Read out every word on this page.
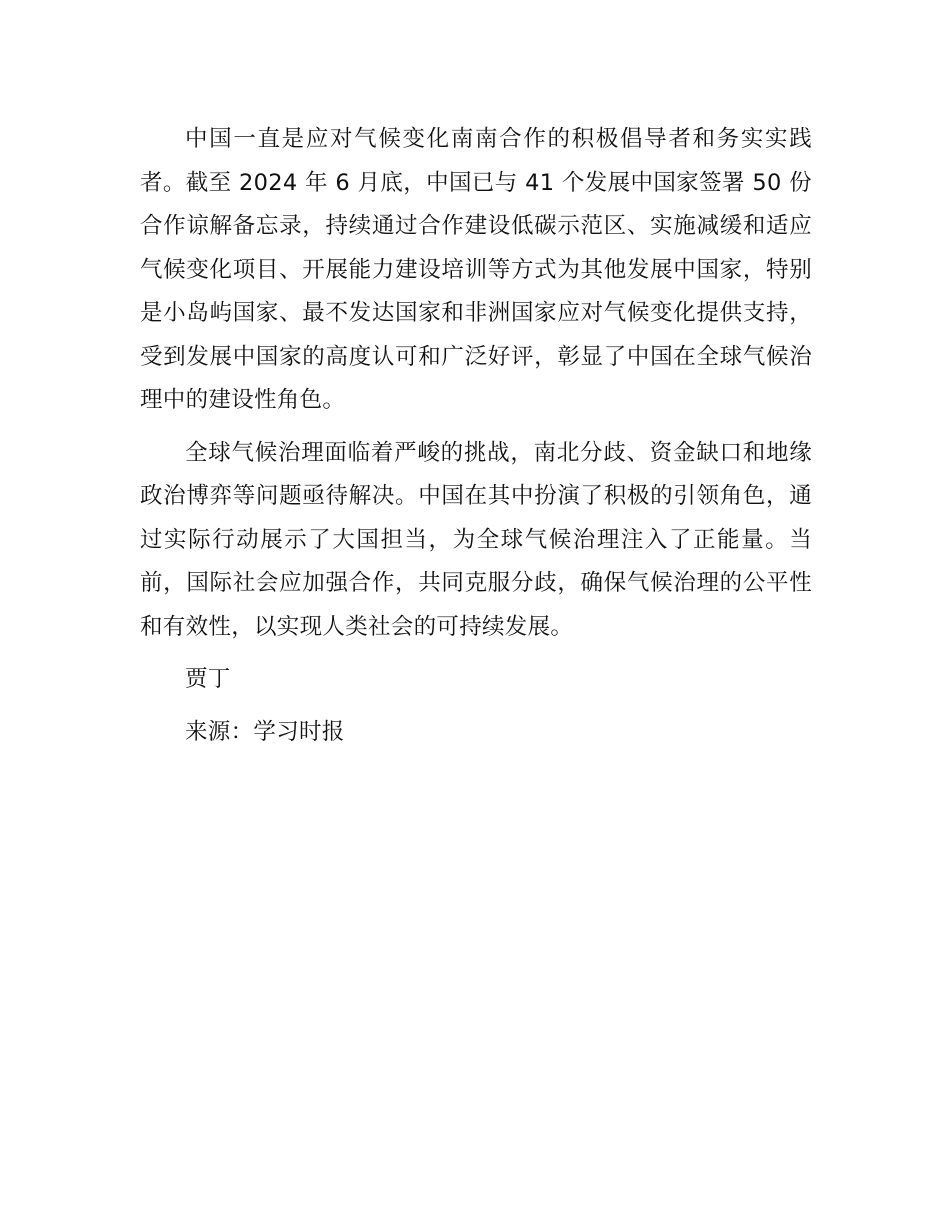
中国一直是应对气候变化南南合作的积极倡导者和务实实践者。截至 2024 年 6 月底，中国已与 41 个发展中国家签署 50 份合作谅解备忘录，持续通过合作建设低碳示范区、实施减缓和适应气候变化项目、开展能力建设培训等方式为其他发展中国家，特别是小岛屿国家、最不发达国家和非洲国家应对气候变化提供支持，受到发展中国家的高度认可和广泛好评，彰显了中国在全球气候治理中的建设性角色。

全球气候治理面临着严峻的挑战，南北分歧、资金缺口和地缘政治博弈等问题亟待解决。中国在其中扮演了积极的引领角色，通过实际行动展示了大国担当，为全球气候治理注入了正能量。当前，国际社会应加强合作，共同克服分歧，确保气候治理的公平性和有效性，以实现人类社会的可持续发展。

贾丁

来源：学习时报
